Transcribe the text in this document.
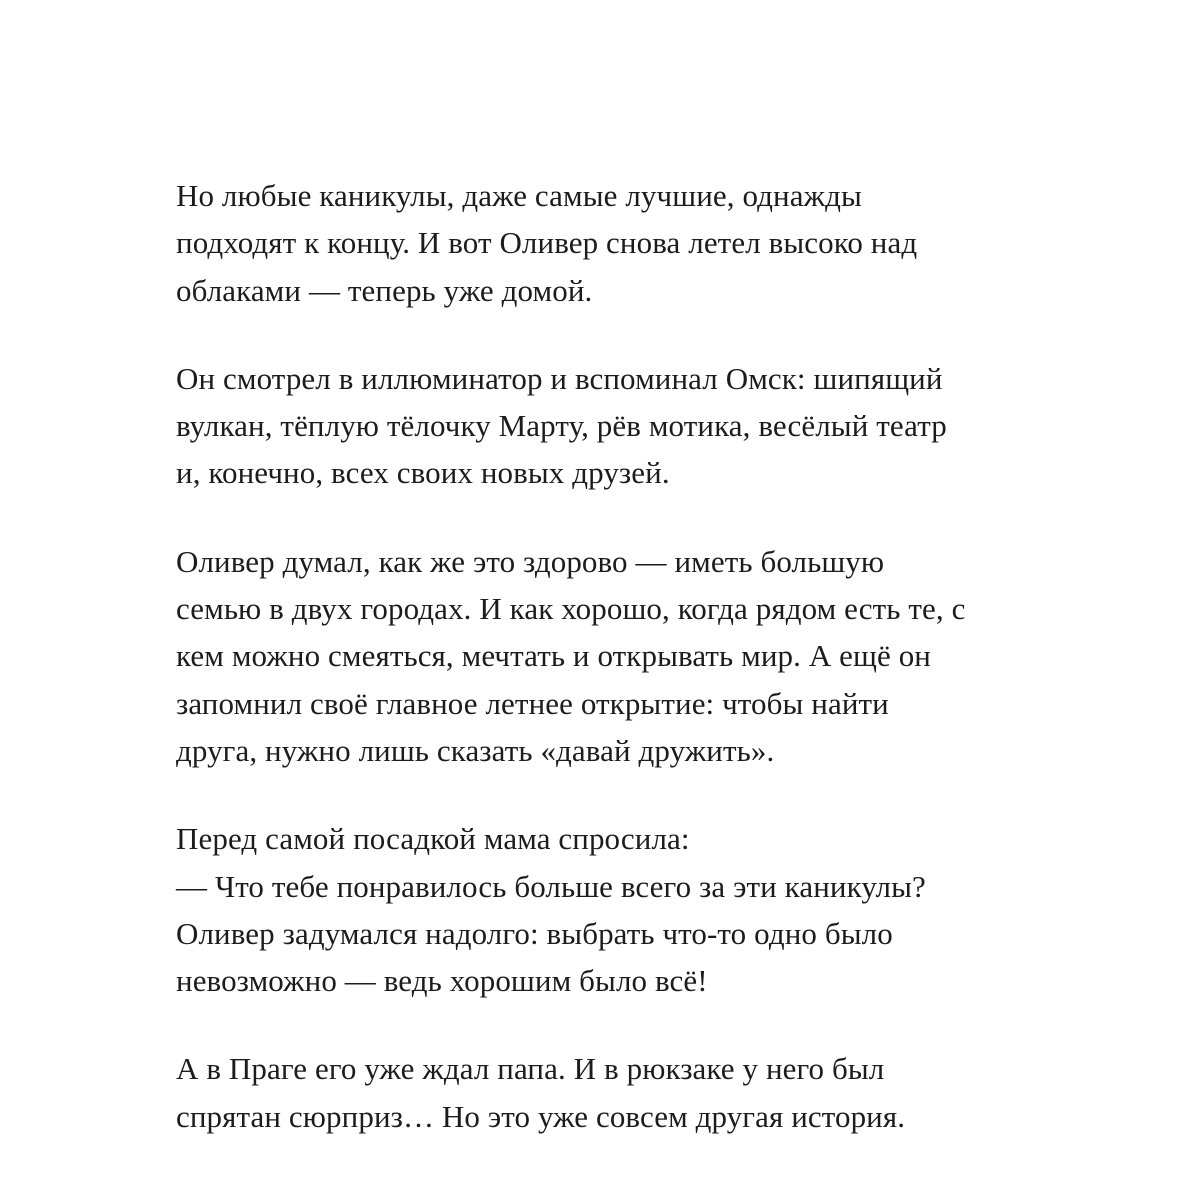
Но любые каникулы, даже самые лучшие, однажды
подходят к концу. И вот Оливер снова летел высоко над
облаками — теперь уже домой.

Он смотрел в иллюминатор и вспоминал Омск: шипящий
вулкан, тёплую тёлочку Марту, рёв мотика, весёлый театр
и, конечно, всех своих новых друзей.

Оливер думал, как же это здорово — иметь большую
семью в двух городах. И как хорошо, когда рядом есть те, с
кем можно смеяться, мечтать и открывать мир. А ещё он
запомнил своё главное летнее открытие: чтобы найти
друга, нужно лишь сказать «давай дружить».

Перед самой посадкой мама спросила:
— Что тебе понравилось больше всего за эти каникулы?
Оливер задумался надолго: выбрать что-то одно было
невозможно — ведь хорошим было всё!

А в Праге его уже ждал папа. И в рюкзаке у него был
спрятан сюрприз… Но это уже совсем другая история.
